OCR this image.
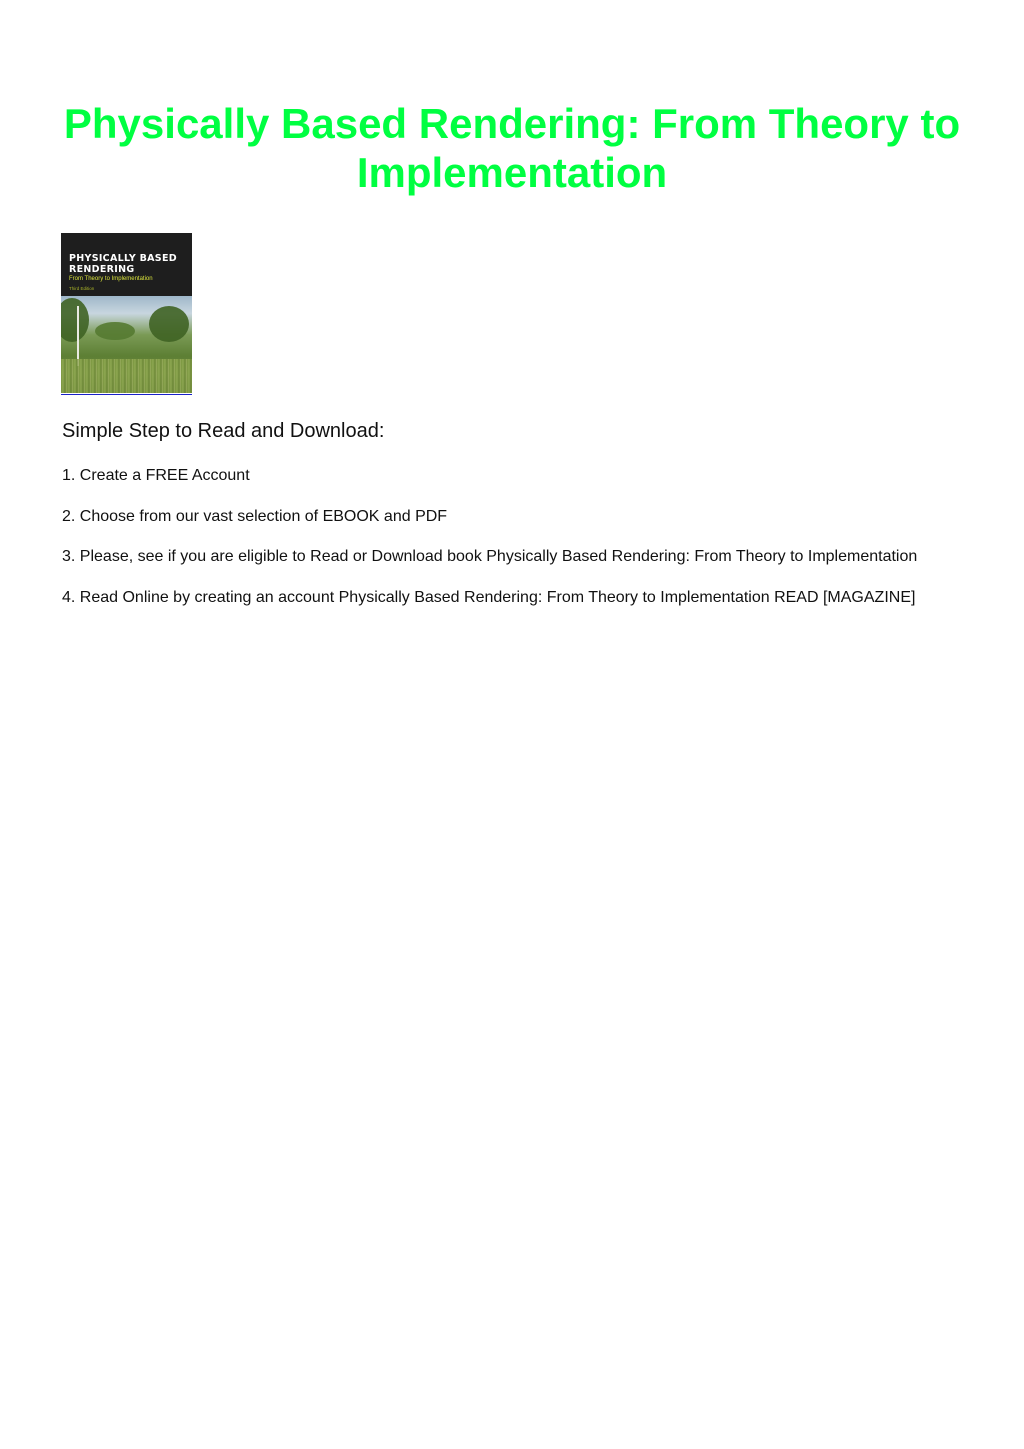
Physically Based Rendering: From Theory to Implementation
PHYSICALLY BASED
RENDERING
From Theory to Implementation
Third Edition
Simple Step to Read and Download:
1. Create a FREE Account
2. Choose from our vast selection of EBOOK and PDF
3. Please, see if you are eligible to Read or Download book Physically Based Rendering: From Theory to Implementation
4. Read Online by creating an account Physically Based Rendering: From Theory to Implementation READ [MAGAZINE]
